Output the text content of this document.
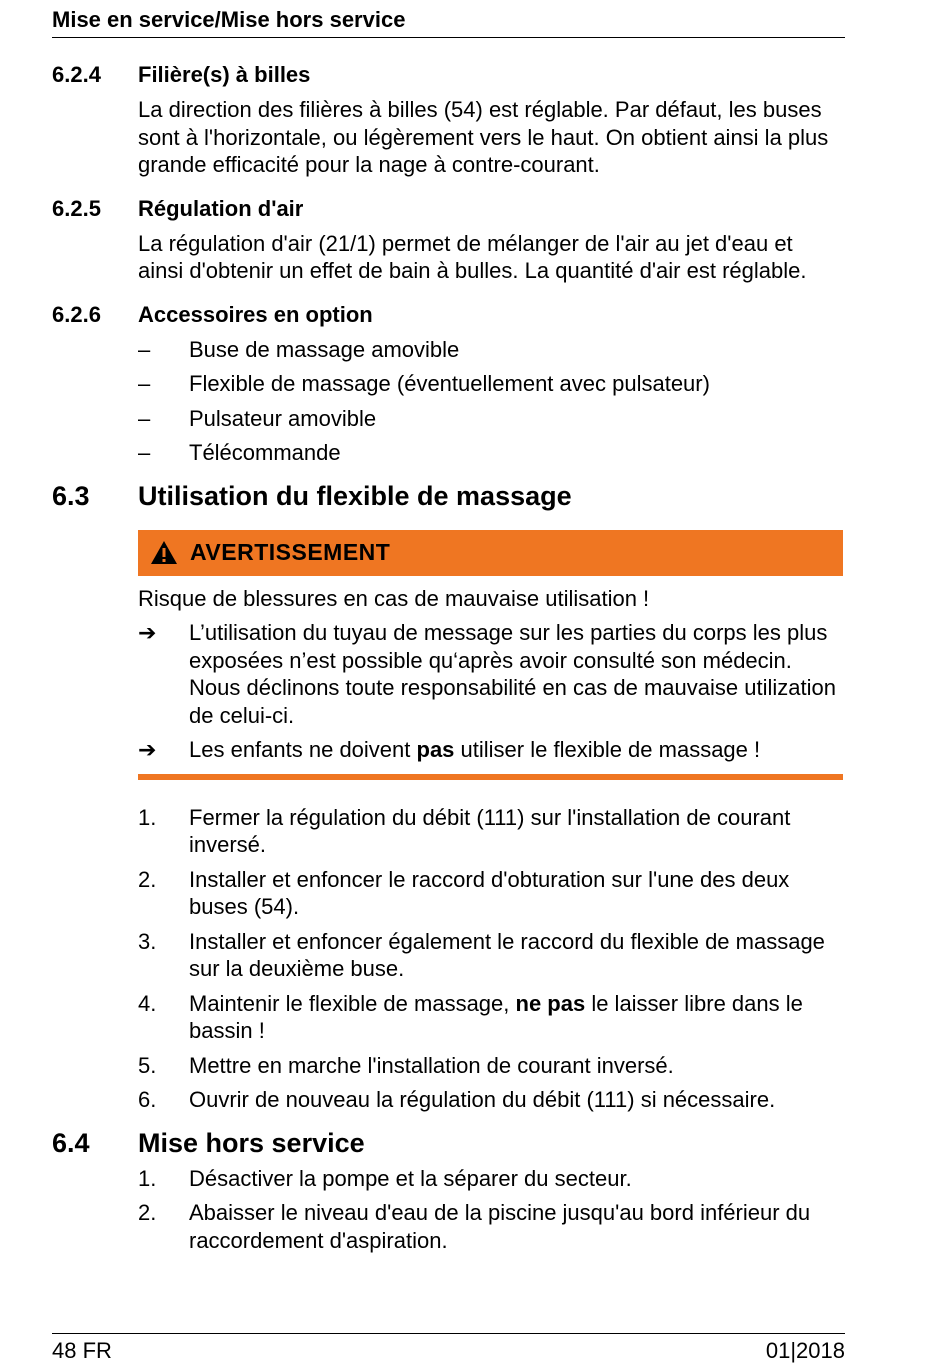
Mise en service/Mise hors service
6.2.4	Filière(s) à billes
La direction des filières à billes (54) est réglable. Par défaut, les buses sont à l'horizontale, ou légèrement vers le haut. On obtient ainsi la plus grande efficacité pour la nage à contre-courant.
6.2.5	Régulation d'air
La régulation d'air (21/1) permet de mélanger de l'air au jet d'eau et ainsi d'obtenir un effet de bain à bulles. La quantité d'air est réglable.
6.2.6	Accessoires en option
–	Buse de massage amovible
–	Flexible de massage (éventuellement avec pulsateur)
–	Pulsateur amovible
–	Télécommande
6.3	Utilisation du flexible de massage
AVERTISSEMENT
Risque de blessures en cas de mauvaise utilisation !
➔	L’utilisation du tuyau de message sur les parties du corps les plus exposées n’est possible qu‘après avoir consulté son médecin. Nous déclinons toute responsabilité en cas de mauvaise utilization de celui-ci.
➔	Les enfants ne doivent pas utiliser le flexible de massage !
1.	Fermer la régulation du débit (111) sur l'installation de courant inversé.
2.	Installer et enfoncer le raccord d'obturation sur l'une des deux buses (54).
3.	Installer et enfoncer également le raccord du flexible de massage sur la deuxième buse.
4.	Maintenir le flexible de massage, ne pas le laisser libre dans le bassin !
5.	Mettre en marche l'installation de courant inversé.
6.	Ouvrir de nouveau la régulation du débit (111) si nécessaire.
6.4	Mise hors service
1.	Désactiver la pompe et la séparer du secteur.
2.	Abaisser le niveau d'eau de la piscine jusqu'au bord inférieur du raccordement d'aspiration.
48 FR	01|2018
